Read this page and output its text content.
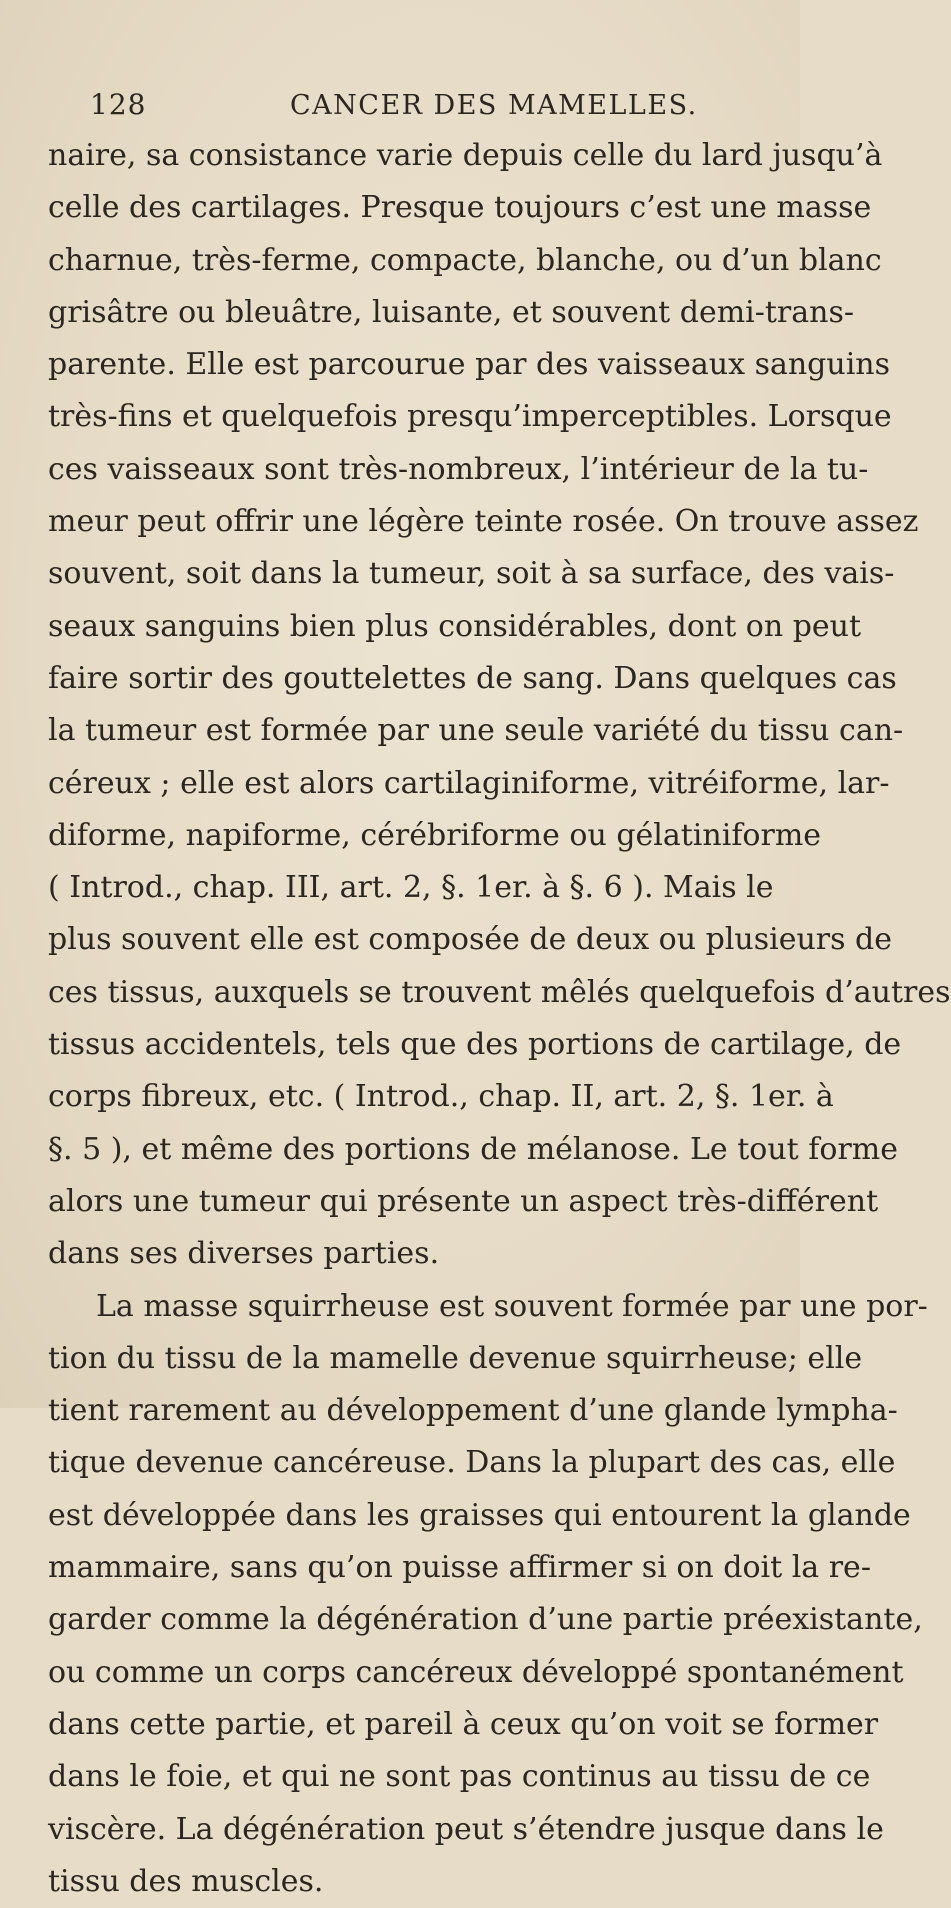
128	CANCER DES MAMELLES.
naire, sa consistance varie depuis celle du lard jusqu’à
celle des cartilages. Presque toujours c’est une masse
charnue, très-ferme, compacte, blanche, ou d’un blanc
grisâtre ou bleuâtre, luisante, et souvent demi-trans-
parente. Elle est parcourue par des vaisseaux sanguins
très-fins et quelquefois presqu’imperceptibles. Lorsque
ces vaisseaux sont très-nombreux, l’intérieur de la tu-
meur peut offrir une légère teinte rosée. On trouve assez
souvent, soit dans la tumeur, soit à sa surface, des vais-
seaux sanguins bien plus considérables, dont on peut
faire sortir des gouttelettes de sang. Dans quelques cas
la tumeur est formée par une seule variété du tissu can-
céreux ; elle est alors cartilaginiforme, vitréiforme, lar-
diforme, napiforme, cérébriforme ou gélatiniforme
( Introd., chap. III, art. 2, §. 1er. à §. 6 ). Mais le
plus souvent elle est composée de deux ou plusieurs de
ces tissus, auxquels se trouvent mêlés quelquefois d’autres
tissus accidentels, tels que des portions de cartilage, de
corps fibreux, etc. ( Introd., chap. II, art. 2, §. 1er. à
§. 5 ), et même des portions de mélanose. Le tout forme
alors une tumeur qui présente un aspect très-différent
dans ses diverses parties.
La masse squirrheuse est souvent formée par une por-
tion du tissu de la mamelle devenue squirrheuse; elle
tient rarement au développement d’une glande lympha-
tique devenue cancéreuse. Dans la plupart des cas, elle
est développée dans les graisses qui entourent la glande
mammaire, sans qu’on puisse affirmer si on doit la re-
garder comme la dégénération d’une partie préexistante,
ou comme un corps cancéreux développé spontanément
dans cette partie, et pareil à ceux qu’on voit se former
dans le foie, et qui ne sont pas continus au tissu de ce
viscère. La dégénération peut s’étendre jusque dans le
tissu des muscles.
